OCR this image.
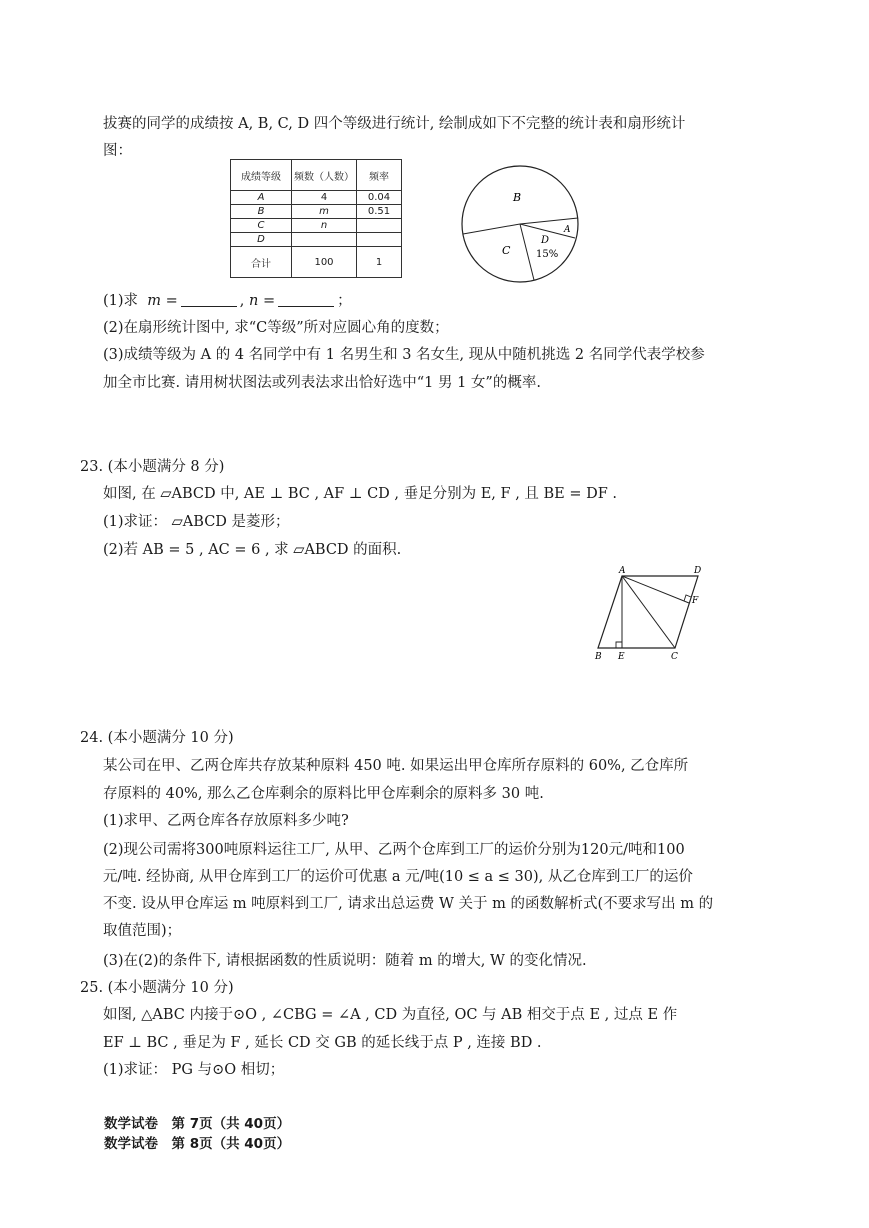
拔赛的同学的成绩按 A, B, C, D 四个等级进行统计, 绘制成如下不完整的统计表和扇形统计
图：
成绩等级	频数（人数）	频率
A	4	0.04
B	m	0.51
C	n	
D		
合计	100	1
B
C
D
15%
A
(1)求 m =	, n =	；
(2)在扇形统计图中, 求“C等级”所对应圆心角的度数；
(3)成绩等级为 A 的 4 名同学中有 1 名男生和 3 名女生, 现从中随机挑选 2 名同学代表学校参
加全市比赛. 请用树状图法或列表法求出恰好选中“1 男 1 女”的概率.
23. (本小题满分 8 分)
如图, 在 ▱ABCD 中, AE ⊥ BC , AF ⊥ CD , 垂足分别为 E, F , 且 BE = DF .
(1)求证： ▱ABCD 是菱形；
(2)若 AB = 5 , AC = 6 , 求 ▱ABCD 的面积.
A	D
F
B E	C
24. (本小题满分 10 分)
某公司在甲、乙两仓库共存放某种原料 450 吨. 如果运出甲仓库所存原料的 60%, 乙仓库所
存原料的 40%, 那么乙仓库剩余的原料比甲仓库剩余的原料多 30 吨.
(1)求甲、乙两仓库各存放原料多少吨?
(2)现公司需将300吨原料运往工厂, 从甲、乙两个仓库到工厂的运价分别为120元/吨和100
元/吨. 经协商, 从甲仓库到工厂的运价可优惠 a 元/吨(10 ≤ a ≤ 30), 从乙仓库到工厂的运价
不变. 设从甲仓库运 m 吨原料到工厂, 请求出总运费 W 关于 m 的函数解析式(不要求写出 m 的
取值范围)；
(3)在(2)的条件下, 请根据函数的性质说明：随着 m 的增大, W 的变化情况.
25. (本小题满分 10 分)
如图, △ABC 内接于⊙O , ∠CBG = ∠A , CD 为直径, OC 与 AB 相交于点 E , 过点 E 作
EF ⊥ BC , 垂足为 F , 延长 CD 交 GB 的延长线于点 P , 连接 BD .
(1)求证： PG 与⊙O 相切；
数学试卷　第 7页（共 40页）
数学试卷　第 8页（共 40页）
